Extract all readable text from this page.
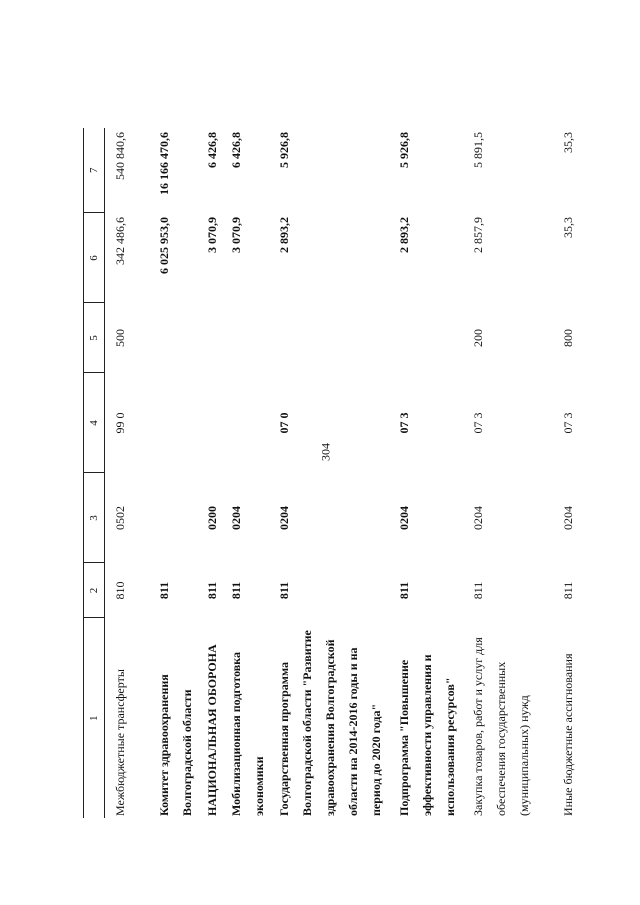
304
1	2	3	4	5	6	7
Межбюджетные трансферты	810	0502	99 0	500	342 486,6	540 840,6
Комитет здравоохранения Волгоградской области	811				6 025 953,0	16 166 470,6
НАЦИОНАЛЬНАЯ ОБОРОНА	811	0200			3 070,9	6 426,8
Мобилизационная подготовка экономики	811	0204			3 070,9	6 426,8
Государственная программа Волгоградской области "Развитие здравоохранения Волгоградской области на 2014-2016 годы и на период до 2020 года"	811	0204	07 0		2 893,2	5 926,8
Подпрограмма "Повышение эффективности управления и использования ресурсов"	811	0204	07 3		2 893,2	5 926,8
Закупка товаров, работ и услуг для обеспечения государственных (муниципальных) нужд	811	0204	07 3	200	2 857,9	5 891,5
Иные бюджетные ассигнования	811	0204	07 3	800	35,3	35,3
